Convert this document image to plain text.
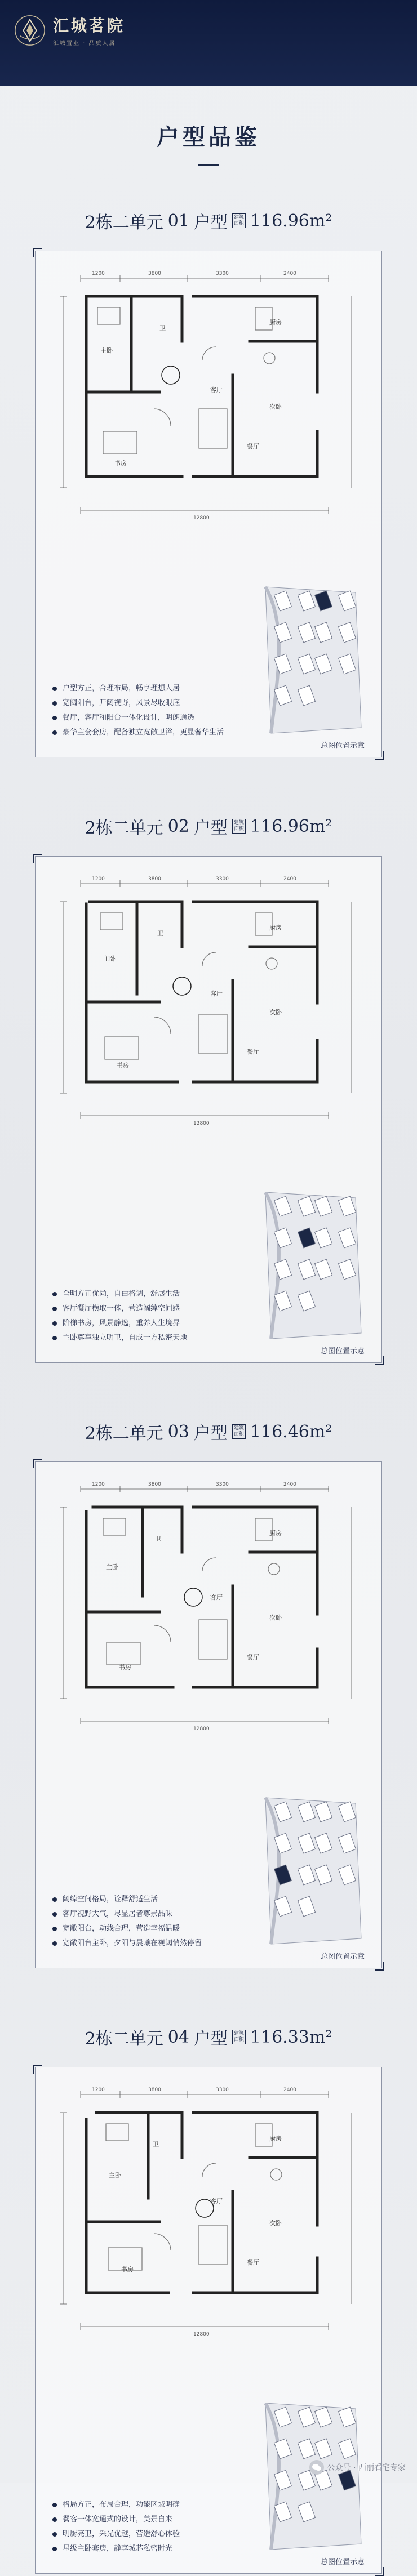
汇城茗院
汇城置业 · 品质人居
户型品鉴
2栋二单元 01 户型	建筑
面积 116.96m²
主卧
客厅
卫
厨房
次卧
书房
餐厅
1200	3800	3300	2400
12800
户型方正，合理布局，畅享理想人居
宽阔阳台，开阔视野，风景尽收眼底
餐厅，客厅和阳台一体化设计，明朗通透
豪华主套套房，配备独立宽敞卫浴，更显奢华生活
总图位置示意
2栋二单元 02 户型	建筑
面积 116.96m²
主卧
客厅
卫
厨房
次卧
书房
餐厅
1200	3800	3300	2400
12800
全明方正优尚，自由格调，舒展生活
客厅餐厅横取一体，营造阔绰空间感
阶梯书房，风景静逸，重养人生境界
主卧尊享独立明卫，自成一方私密天地
总图位置示意
2栋二单元 03 户型	建筑
面积 116.46m²
主卧
客厅
卫
厨房
次卧
书房
餐厅
1200	3800	3300	2400
12800
阔绰空间格局，诠释舒适生活
客厅视野大气，尽显居者尊崇品味
宽敞阳台，动线合理，营造幸福温暖
宽敞阳台主卧，夕阳与晨曦在视阈悄然停留
总图位置示意
2栋二单元 04 户型	建筑
面积 116.33m²
主卧
客厅
卫
厨房
次卧
书房
餐厅
1200	3800	3300	2400
12800
格局方正，布局合理，功能区域明确
餐客一体宽通式的设计，美景自来
明厨亮卫，采光优越，营造舒心体验
星级主卧套房，静享城芯私密时光
总图位置示意
公众号 · 西丽看宅专家
